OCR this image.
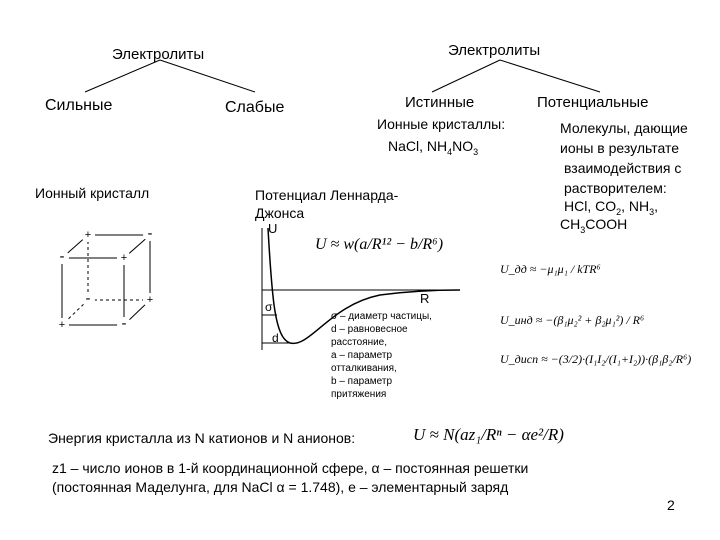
Электролиты
Сильные	Слабые
Электролиты
Истинные	Потенциальные
Ионные кристаллы:
NaCl, $NH_4NO_3$
Молекулы, дающие
ионы в результате
взаимодействия с
растворителем:
HCl, $CO_2$, $NH_3$,
$CH_3COOH$
Ионный кристалл
+	-
-	+
-	+
+	-
Потенциал Леннарда-
Джонса
U
R
σ
d
U ≈ w(a/R¹² − b/R⁶)
σ – диаметр частицы,
d – равновесное
расстояние,
a – параметр
отталкивания,
b – параметр
притяжения
U_дд ≈ −μ₁μ₁ / kTR⁶
U_инд ≈ −(β₁μ₂² + β₂μ₁²) / R⁶
U_дисп ≈ −(3/2)·(I₁I₂/(I₁+I₂))·(β₁β₂/R⁶)
Энергия кристалла из N катионов и N анионов:	U ≈ N(az₁/Rⁿ − αe²/R)
z1 – число ионов в 1-й координационной сфере, α – постоянная решетки
(постоянная Маделунга, для NaCl α = 1.748), e – элементарный заряд
2
